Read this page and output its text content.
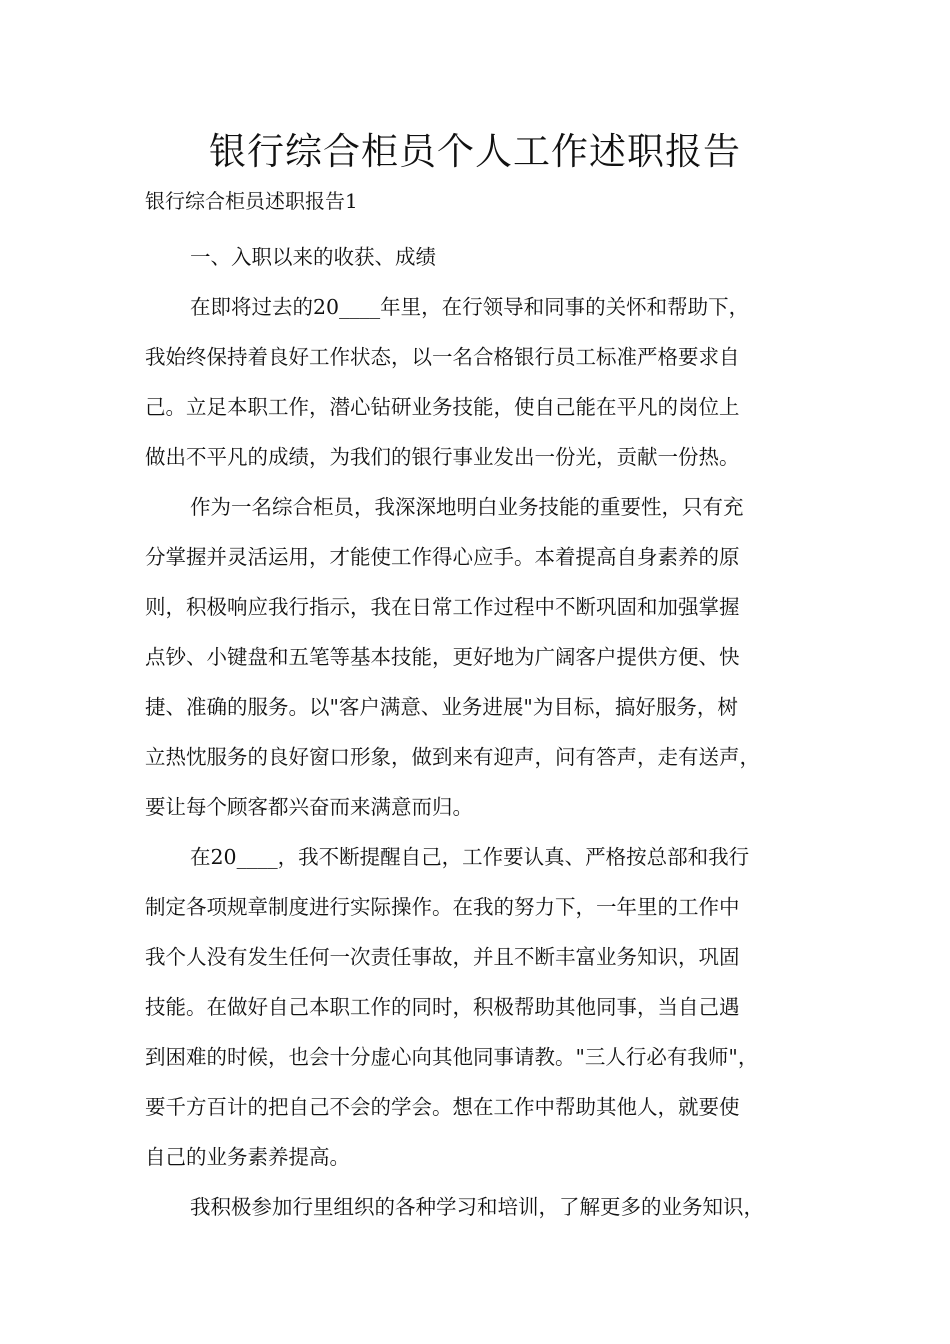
银行综合柜员个人工作述职报告
银行综合柜员述职报告1
一、入职以来的收获、成绩
在即将过去的20____年里，在行领导和同事的关怀和帮助下，
我始终保持着良好工作状态，以一名合格银行员工标准严格要求自
己。立足本职工作，潜心钻研业务技能，使自己能在平凡的岗位上
做出不平凡的成绩，为我们的银行事业发出一份光，贡献一份热。
作为一名综合柜员，我深深地明白业务技能的重要性，只有充
分掌握并灵活运用，才能使工作得心应手。本着提高自身素养的原
则，积极响应我行指示，我在日常工作过程中不断巩固和加强掌握
点钞、小键盘和五笔等基本技能，更好地为广阔客户提供方便、快
捷、准确的服务。以"客户满意、业务进展"为目标，搞好服务，树
立热忱服务的良好窗口形象，做到来有迎声，问有答声，走有送声，
要让每个顾客都兴奋而来满意而归。
在20____，我不断提醒自己，工作要认真、严格按总部和我行
制定各项规章制度进行实际操作。在我的努力下，一年里的工作中
我个人没有发生任何一次责任事故，并且不断丰富业务知识，巩固
技能。在做好自己本职工作的同时，积极帮助其他同事，当自己遇
到困难的时候，也会十分虚心向其他同事请教。"三人行必有我师"，
要千方百计的把自己不会的学会。想在工作中帮助其他人，就要使
自己的业务素养提高。
我积极参加行里组织的各种学习和培训，了解更多的业务知识，
